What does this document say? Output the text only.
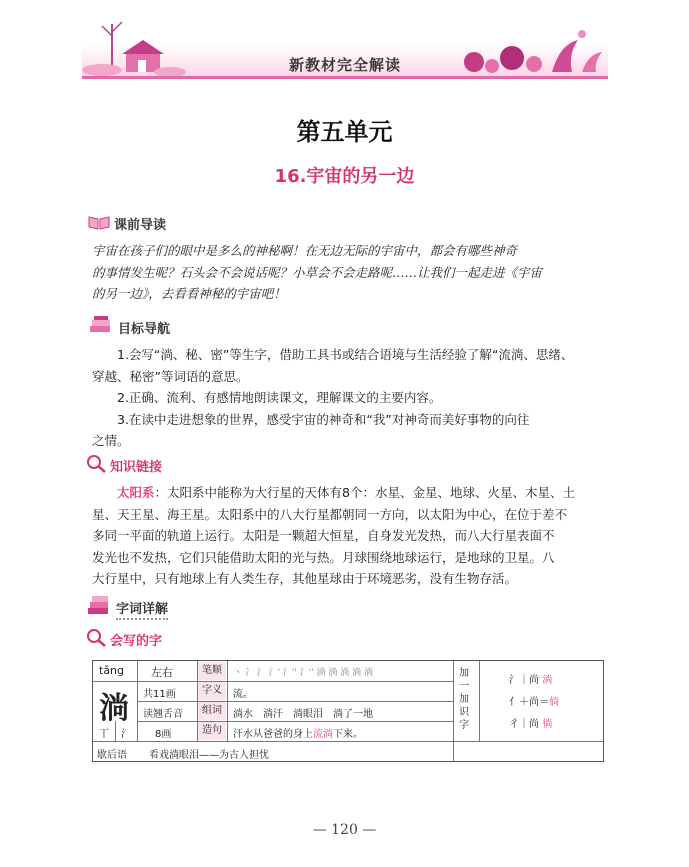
新教材完全解读
第五单元
16.宇宙的另一边
课前导读
宇宙在孩子们的眼中是多么的神秘啊！在无边无际的宇宙中，都会有哪些神奇
的事情发生呢？石头会不会说话呢？小草会不会走路呢……让我们一起走进《宇宙
的另一边》，去看看神秘的宇宙吧！
目标导航
1.会写“淌、秘、密”等生字，借助工具书或结合语境与生活经验了解“流淌、思绪、
穿越、秘密”等词语的意思。
2.正确、流利、有感情地朗读课文，理解课文的主要内容。
3.在读中走进想象的世界，感受宇宙的神奇和“我”对神奇而美好事物的向往
之情。
知识链接
太阳系：太阳系中能称为大行星的天体有8个：水星、金星、地球、火星、木星、土
星、天王星、海王星。太阳系中的八大行星都朝同一方向，以太阳为中心，在位于差不
多同一平面的轨道上运行。太阳是一颗超大恒星，自身发光发热，而八大行星表面不
发光也不发热，它们只能借助太阳的光与热。月球围绕地球运行，是地球的卫星。八
大行星中，只有地球上有人类生存，其他星球由于环境恶劣，没有生物存活。
字词详解
会写的字
tǎng 左右	笔顺	丶 冫 氵 氵' 氵'' 氵'' 淌 淌 淌 淌 淌
淌 共11画	字义	流。
读翘舌音	组词	淌水　淌汗　淌眼泪　淌了一地
丅 氵 8画	造句	汗水从爸爸的身上流淌下来。
歇后语 看戏淌眼泪——为古人担忧
加一加识字
氵｜尚 淌
亻＋尚＝倘
彳｜尚 徜
— 120 —
